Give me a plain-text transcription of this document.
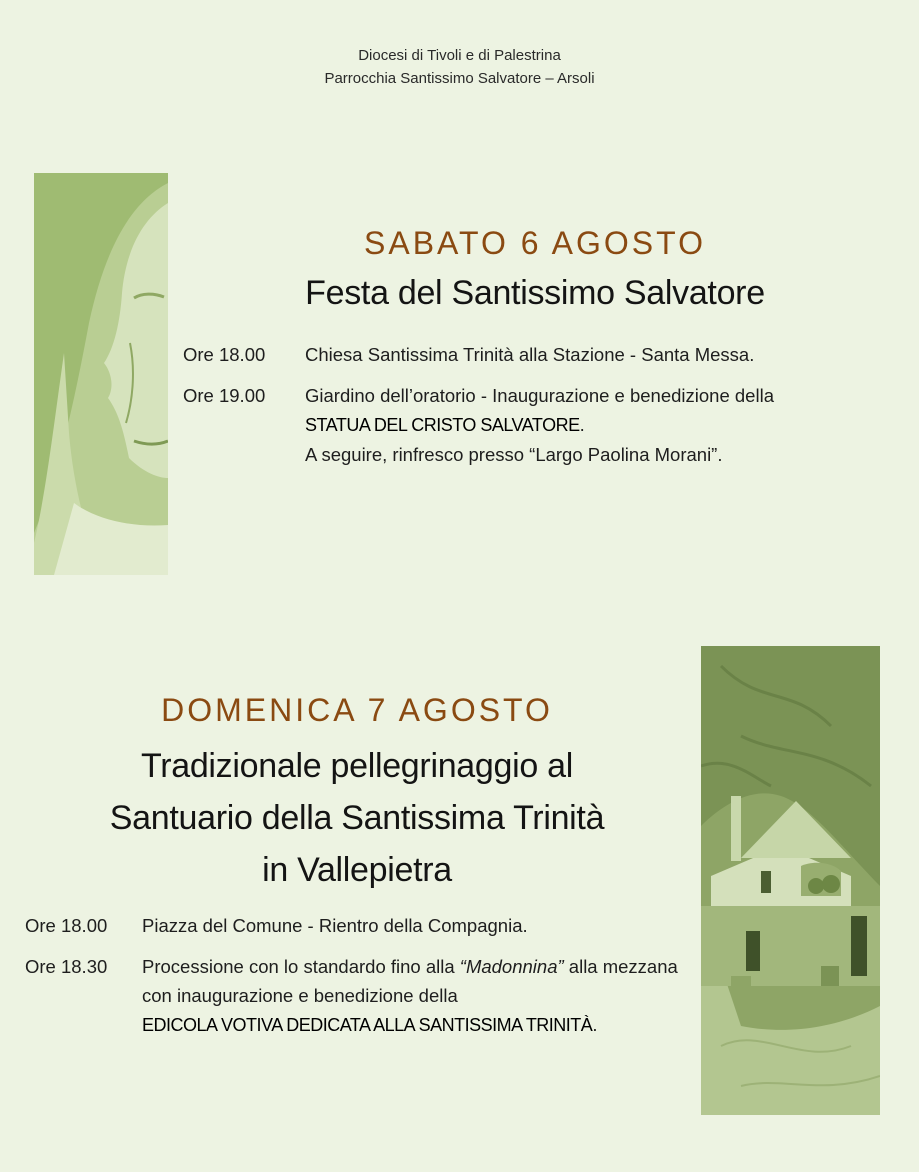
Diocesi di Tivoli e di Palestrina
Parrocchia Santissimo Salvatore – Arsoli
SABATO 6 AGOSTO
Festa del Santissimo Salvatore
Ore 18.00 Chiesa Santissima Trinità alla Stazione - Santa Messa.
Ore 19.00 Giardino dell’oratorio - Inaugurazione e benedizione della
STATUA DEL CRISTO SALVATORE.
A seguire, rinfresco presso “Largo Paolina Morani”.
DOMENICA 7 AGOSTO
Tradizionale pellegrinaggio al
Santuario della Santissima Trinità
in Vallepietra
Ore 18.00 Piazza del Comune - Rientro della Compagnia.
Ore 18.30 Processione con lo standardo fino alla “Madonnina” alla mezzana con inaugurazione e benedizione della
EDICOLA VOTIVA DEDICATA ALLA SANTISSIMA TRINITÀ.
